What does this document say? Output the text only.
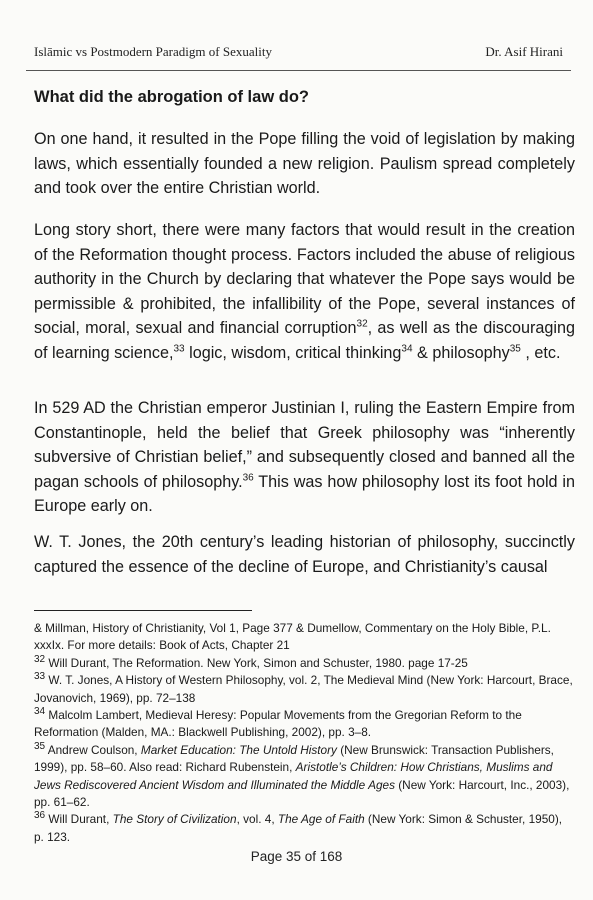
Islāmic vs Postmodern Paradigm of Sexuality	Dr. Asif Hirani
What did the abrogation of law do?

On one hand, it resulted in the Pope filling the void of legislation by making laws, which essentially founded a new religion. Paulism spread completely and took over the entire Christian world.

Long story short, there were many factors that would result in the creation of the Reformation thought process. Factors included the abuse of religious authority in the Church by declaring that whatever the Pope says would be permissible & prohibited, the infallibility of the Pope, several instances of social, moral, sexual and financial corruption$^{32}$, as well as the discouraging of learning science,$^{33}$ logic, wisdom, critical thinking$^{34}$ & philosophy$^{35}$ , etc.

In 529 AD the Christian emperor Justinian I, ruling the Eastern Empire from Constantinople, held the belief that Greek philosophy was “inherently subversive of Christian belief,” and subsequently closed and banned all the pagan schools of philosophy.$^{36}$ This was how philosophy lost its foot hold in Europe early on.

W. T. Jones, the 20th century’s leading historian of philosophy, succinctly captured the essence of the decline of Europe, and Christianity’s causal

& Millman, History of Christianity, Vol 1, Page 377 & Dumellow, Commentary on the Holy Bible, P.L. xxxIx. For more details: Book of Acts, Chapter 21

$^{32}$ Will Durant, The Reformation. New York, Simon and Schuster, 1980. page 17-25

$^{33}$ W. T. Jones, A History of Western Philosophy, vol. 2, The Medieval Mind (New York: Harcourt, Brace, Jovanovich, 1969), pp. 72–138

$^{34}$ Malcolm Lambert, Medieval Heresy: Popular Movements from the Gregorian Reform to the Reformation (Malden, MA.: Blackwell Publishing, 2002), pp. 3–8.

$^{35}$ Andrew Coulson, Market Education: The Untold History (New Brunswick: Transaction Publishers, 1999), pp. 58–60. Also read: Richard Rubenstein, Aristotle’s Children: How Christians, Muslims and Jews Rediscovered Ancient Wisdom and Illuminated the Middle Ages (New York: Harcourt, Inc., 2003), pp. 61–62.

$^{36}$ Will Durant, The Story of Civilization, vol. 4, The Age of Faith (New York: Simon & Schuster, 1950), p. 123.

Page 35 of 168
